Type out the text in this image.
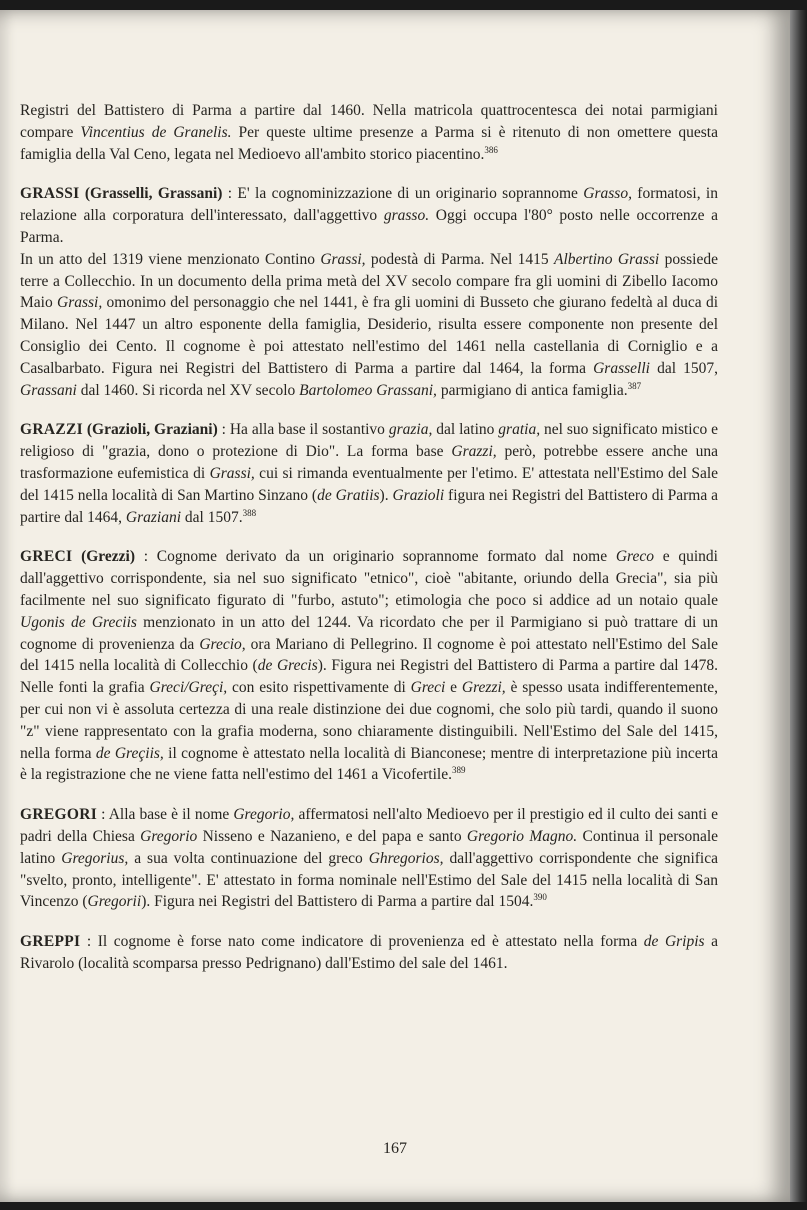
Registri del Battistero di Parma a partire dal 1460. Nella matricola quattrocentesca dei notai parmigiani compare Vincentius de Granelis. Per queste ultime presenze a Parma si è ritenuto di non omettere questa famiglia della Val Ceno, legata nel Medioevo all'ambito storico piacentino.$^{386}$

GRASSI (Grasselli, Grassani) : E' la cognominizzazione di un originario soprannome Grasso, formatosi, in relazione alla corporatura dell'interessato, dall'aggettivo grasso. Oggi occupa l'80° posto nelle occorrenze a Parma.

In un atto del 1319 viene menzionato Contino Grassi, podestà di Parma. Nel 1415 Albertino Grassi possiede terre a Collecchio. In un documento della prima metà del XV secolo compare fra gli uomini di Zibello Iacomo Maio Grassi, omonimo del personaggio che nel 1441, è fra gli uomini di Busseto che giurano fedeltà al duca di Milano. Nel 1447 un altro esponente della famiglia, Desiderio, risulta essere componente non presente del Consiglio dei Cento. Il cognome è poi attestato nell'estimo del 1461 nella castellania di Corniglio e a Casalbarbato. Figura nei Registri del Battistero di Parma a partire dal 1464, la forma Grasselli dal 1507, Grassani dal 1460. Si ricorda nel XV secolo Bartolomeo Grassani, parmigiano di antica famiglia.$^{387}$

GRAZZI (Grazioli, Graziani) : Ha alla base il sostantivo grazia, dal latino gratia, nel suo significato mistico e religioso di "grazia, dono o protezione di Dio". La forma base Grazzi, però, potrebbe essere anche una trasformazione eufemistica di Grassi, cui si rimanda eventualmente per l'etimo. E' attestata nell'Estimo del Sale del 1415 nella località di San Martino Sinzano (de Gratiis). Grazioli figura nei Registri del Battistero di Parma a partire dal 1464, Graziani dal 1507.$^{388}$

GRECI (Grezzi) : Cognome derivato da un originario soprannome formato dal nome Greco e quindi dall'aggettivo corrispondente, sia nel suo significato "etnico", cioè "abitante, oriundo della Grecia", sia più facilmente nel suo significato figurato di "furbo, astuto"; etimologia che poco si addice ad un notaio quale Ugonis de Greciis menzionato in un atto del 1244. Va ricordato che per il Parmigiano si può trattare di un cognome di provenienza da Grecio, ora Mariano di Pellegrino. Il cognome è poi attestato nell'Estimo del Sale del 1415 nella località di Collecchio (de Grecis). Figura nei Registri del Battistero di Parma a partire dal 1478. Nelle fonti la grafia Greci/Greçi, con esito rispettivamente di Greci e Grezzi, è spesso usata indifferentemente, per cui non vi è assoluta certezza di una reale distinzione dei due cognomi, che solo più tardi, quando il suono "z" viene rappresentato con la grafia moderna, sono chiaramente distinguibili. Nell'Estimo del Sale del 1415, nella forma de Greçiis, il cognome è attestato nella località di Bianconese; mentre di interpretazione più incerta è la registrazione che ne viene fatta nell'estimo del 1461 a Vicofertile.$^{389}$

GREGORI : Alla base è il nome Gregorio, affermatosi nell'alto Medioevo per il prestigio ed il culto dei santi e padri della Chiesa Gregorio Nisseno e Nazanieno, e del papa e santo Gregorio Magno. Continua il personale latino Gregorius, a sua volta continuazione del greco Ghregorios, dall'aggettivo corrispondente che significa "svelto, pronto, intelligente". E' attestato in forma nominale nell'Estimo del Sale del 1415 nella località di San Vincenzo (Gregorii). Figura nei Registri del Battistero di Parma a partire dal 1504.$^{390}$

GREPPI : Il cognome è forse nato come indicatore di provenienza ed è attestato nella forma de Gripis a Rivarolo (località scomparsa presso Pedrignano) dall'Estimo del sale del 1461.

167
